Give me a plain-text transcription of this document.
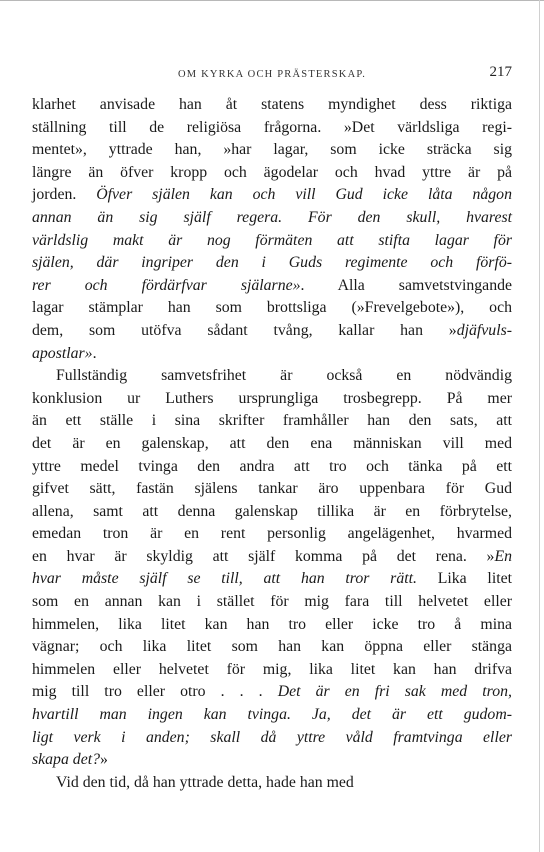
OM KYRKA OCH PRÄSTERSKAP.	217
klarhet anvisade han åt statens myndighet dess riktiga
ställning till de religiösa frågorna. »Det världsliga regi-
mentet», yttrade han, »har lagar, som icke sträcka sig
längre än öfver kropp och ägodelar och hvad yttre är på
jorden. Öfver själen kan och vill Gud icke låta någon
annan än sig själf regera. För den skull, hvarest
världslig makt är nog förmäten att stifta lagar för
själen, där ingriper den i Guds regimente och förfö-
rer och fördärfvar själarne». Alla samvetstvingande
lagar stämplar han som brottsliga (»Frevelgebote»), och
dem, som utöfva sådant tvång, kallar han »djäfvuls-
apostlar».
Fullständig samvetsfrihet är också en nödvändig
konklusion ur Luthers ursprungliga trosbegrepp. På mer
än ett ställe i sina skrifter framhåller han den sats, att
det är en galenskap, att den ena människan vill med
yttre medel tvinga den andra att tro och tänka på ett
gifvet sätt, fastän själens tankar äro uppenbara för Gud
allena, samt att denna galenskap tillika är en förbrytelse,
emedan tron är en rent personlig angelägenhet, hvarmed
en hvar är skyldig att själf komma på det rena. »En
hvar måste själf se till, att han tror rätt. Lika litet
som en annan kan i stället för mig fara till helvetet eller
himmelen, lika litet kan han tro eller icke tro å mina
vägnar; och lika litet som han kan öppna eller stänga
himmelen eller helvetet för mig, lika litet kan han drifva
mig till tro eller otro . . . Det är en fri sak med tron,
hvartill man ingen kan tvinga. Ja, det är ett gudom-
ligt verk i anden; skall då yttre våld framtvinga eller
skapa det?»
Vid den tid, då han yttrade detta, hade han med
